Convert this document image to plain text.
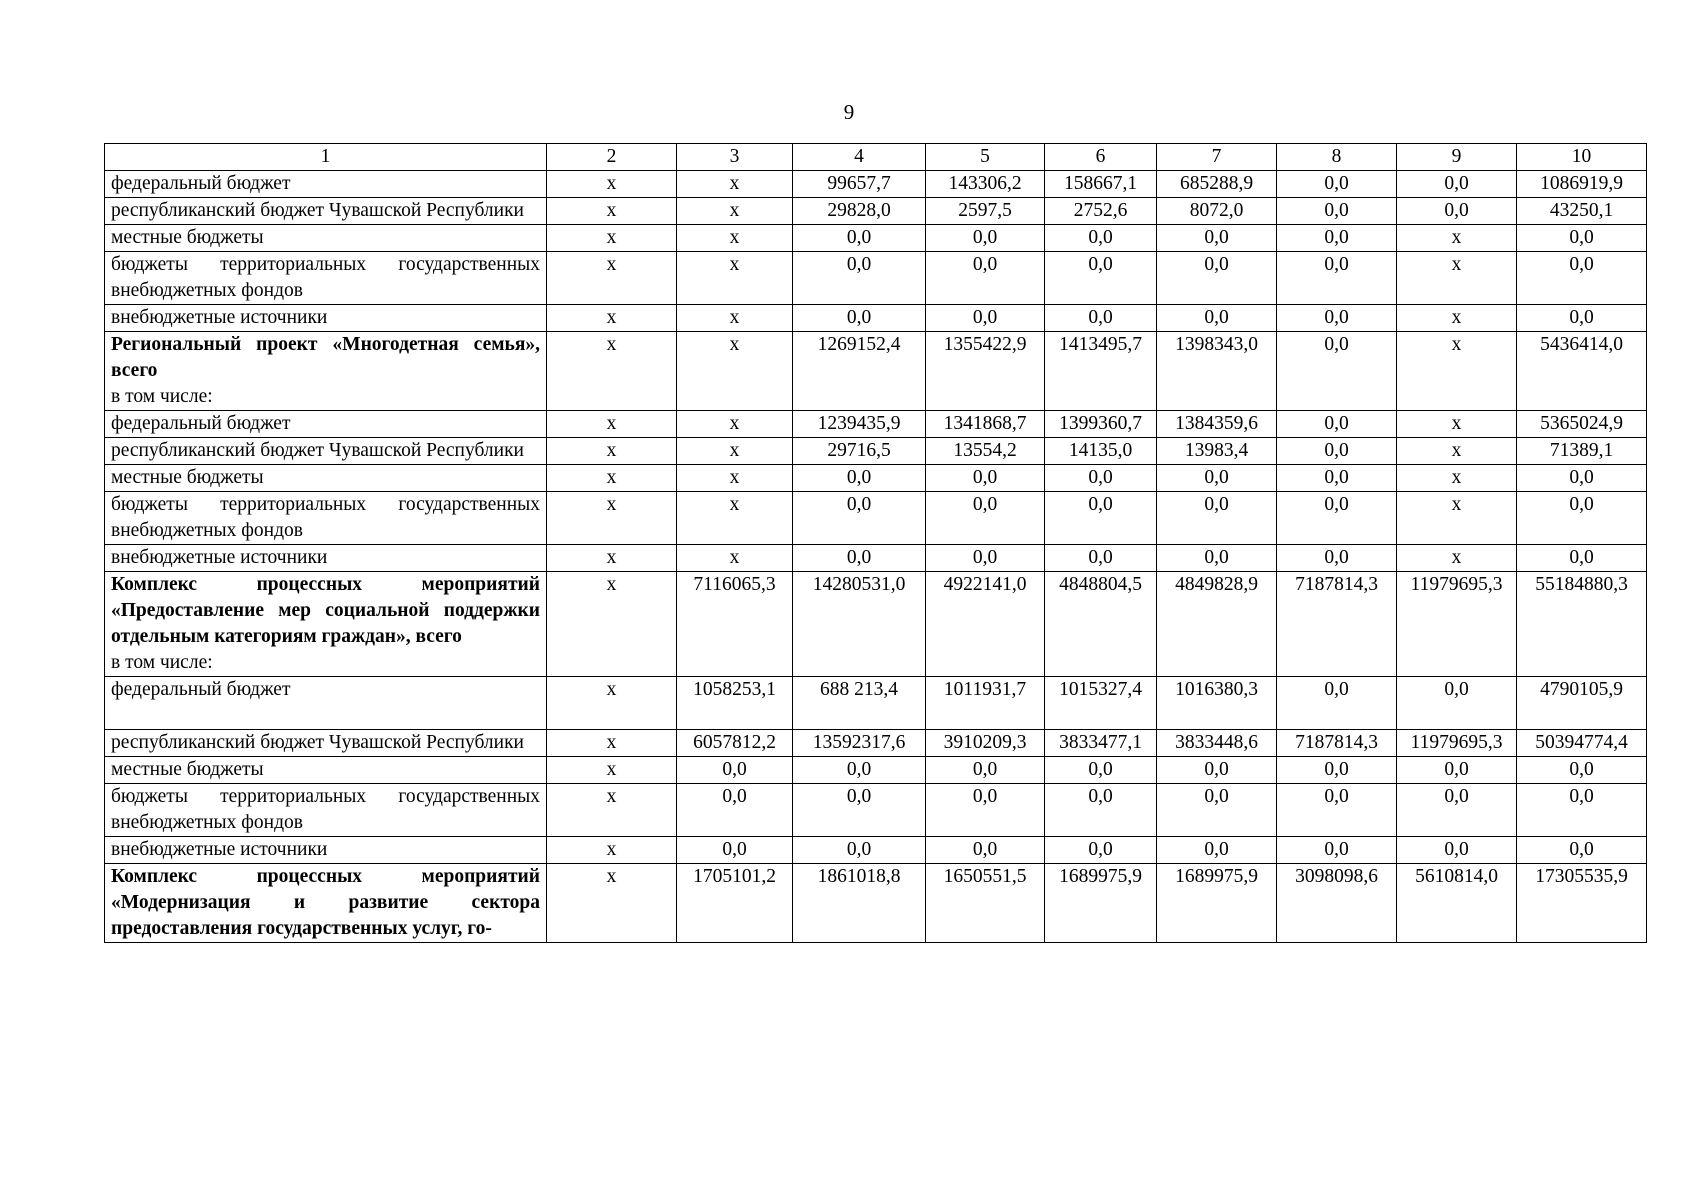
9
1	2	3	4	5	6	7	8	9	10
федеральный бюджет	х	х	99657,7	143306,2	158667,1	685288,9	0,0	0,0	1086919,9
республиканский бюджет Чувашской Республики	х	х	29828,0	2597,5	2752,6	8072,0	0,0	0,0	43250,1
местные бюджеты	х	х	0,0	0,0	0,0	0,0	0,0	х	0,0
бюджеты территориальных государственных внебюджетных фондов	х	х	0,0	0,0	0,0	0,0	0,0	х	0,0
внебюджетные источники	х	х	0,0	0,0	0,0	0,0	0,0	х	0,0
Региональный проект «Многодетная семья», всего
в том числе:	х	х	1269152,4	1355422,9	1413495,7	1398343,0	0,0	х	5436414,0
федеральный бюджет	х	х	1239435,9	1341868,7	1399360,7	1384359,6	0,0	х	5365024,9
республиканский бюджет Чувашской Республики	х	х	29716,5	13554,2	14135,0	13983,4	0,0	х	71389,1
местные бюджеты	х	х	0,0	0,0	0,0	0,0	0,0	х	0,0
бюджеты территориальных государственных внебюджетных фондов	х	х	0,0	0,0	0,0	0,0	0,0	х	0,0
внебюджетные источники	х	х	0,0	0,0	0,0	0,0	0,0	х	0,0
Комплекс процессных мероприятий «Предоставление мер социальной поддержки отдельным категориям граждан», всего
в том числе:	х	7116065,3	14280531,0	4922141,0	4848804,5	4849828,9	7187814,3	11979695,3	55184880,3
федеральный бюджет	х	1058253,1	688 213,4	1011931,7	1015327,4	1016380,3	0,0	0,0	4790105,9
республиканский бюджет Чувашской Республики	х	6057812,2	13592317,6	3910209,3	3833477,1	3833448,6	7187814,3	11979695,3	50394774,4
местные бюджеты	х	0,0	0,0	0,0	0,0	0,0	0,0	0,0	0,0
бюджеты территориальных государственных внебюджетных фондов	х	0,0	0,0	0,0	0,0	0,0	0,0	0,0	0,0
внебюджетные источники	х	0,0	0,0	0,0	0,0	0,0	0,0	0,0	0,0
Комплекс процессных мероприятий «Модернизация и развитие сектора предоставления государственных услуг, го-	х	1705101,2	1861018,8	1650551,5	1689975,9	1689975,9	3098098,6	5610814,0	17305535,9
